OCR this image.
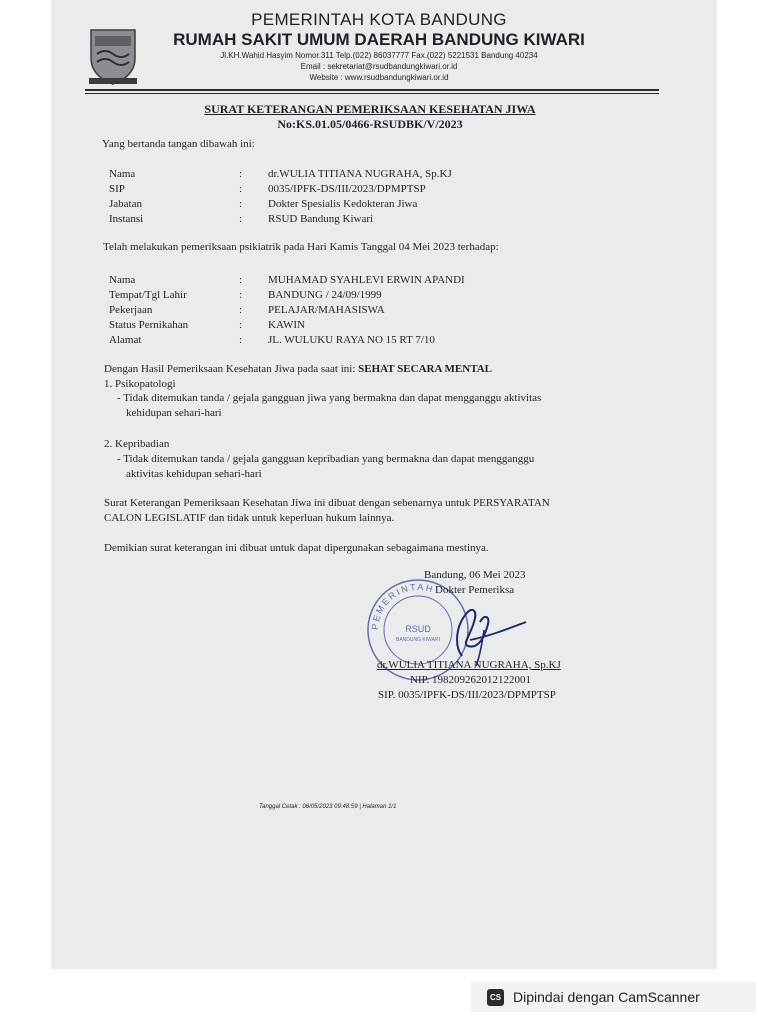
PEMERINTAH KOTA BANDUNG
RUMAH SAKIT UMUM DAERAH BANDUNG KIWARI
Jl.KH.Wahid Hasyim Nomor.311 Telp.(022) 86037777 Fax.(022) 5221531 Bandung 40234
Email : sekretariat@rsudbandungkiwari.or.id
Website : www.rsudbandungkiwari.or.id
SURAT KETERANGAN PEMERIKSAAN KESEHATAN JIWA
No:KS.01.05/0466-RSUDBK/V/2023
Yang bertanda tangan dibawah ini:
Nama	: dr.WULIA TITIANA NUGRAHA, Sp.KJ
SIP	: 0035/IPFK-DS/III/2023/DPMPTSP
Jabatan	: Dokter Spesialis Kedokteran Jiwa
Instansi	: RSUD Bandung Kiwari
Telah melakukan pemeriksaan psikiatrik pada Hari Kamis Tanggal 04 Mei 2023 terhadap:
Nama	: MUHAMAD SYAHLEVI ERWIN APANDI
Tempat/Tgl Lahir	: BANDUNG / 24/09/1999
Pekerjaan	: PELAJAR/MAHASISWA
Status Pernikahan	: KAWIN
Alamat	: JL. WULUKU RAYA NO 15 RT 7/10
Dengan Hasil Pemeriksaan Kesehatan Jiwa pada saat ini: SEHAT SECARA MENTAL
1. Psikopatologi
- Tidak ditemukan tanda / gejala gangguan jiwa yang bermakna dan dapat mengganggu aktivitas
kehidupan sehari-hari
2. Kepribadian
- Tidak ditemukan tanda / gejala gangguan kepribadian yang bermakna dan dapat mengganggu
aktivitas kehidupan sehari-hari
Surat Keterangan Pemeriksaan Kesehatan Jiwa ini dibuat dengan sebenarnya untuk PERSYARATAN
CALON LEGISLATIF dan tidak untuk keperluan hukum lainnya.
Demikian surat keterangan ini dibuat untuk dapat dipergunakan sebagaimana mestinya.
PEMERINTAH
RSUD
BANDUNG KIWARI
Bandung, 06 Mei 2023
Dokter Pemeriksa
dr.WULIA TITIANA NUGRAHA, Sp.KJ
NIP. 198209262012122001
SIP. 0035/IPFK-DS/III/2023/DPMPTSP
Tanggal Cetak : 06/05/2023 09:48:59 | Halaman 1/1
CS Dipindai dengan CamScanner
